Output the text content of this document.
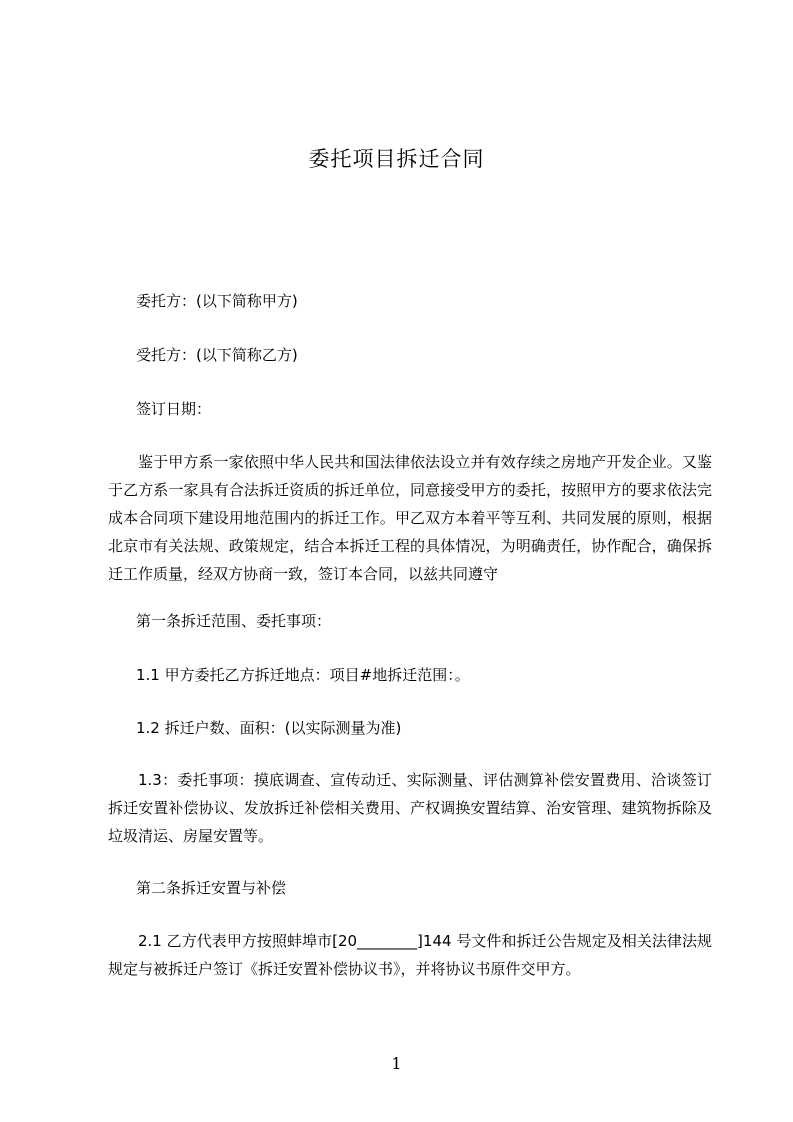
委托项目拆迁合同
委托方：(以下简称甲方)
受托方：(以下简称乙方)
签订日期：
鉴于甲方系一家依照中华人民共和国法律依法设立并有效存续之房地产开发企业。又鉴于乙方系一家具有合法拆迁资质的拆迁单位，同意接受甲方的委托，按照甲方的要求依法完成本合同项下建设用地范围内的拆迁工作。甲乙双方本着平等互利、共同发展的原则，根据北京市有关法规、政策规定，结合本拆迁工程的具体情况，为明确责任，协作配合，确保拆迁工作质量，经双方协商一致，签订本合同，以兹共同遵守
第一条拆迁范围、委托事项：
1.1 甲方委托乙方拆迁地点：项目#地拆迁范围：。
1.2 拆迁户数、面积：(以实际测量为准)
1.3：委托事项：摸底调查、宣传动迁、实际测量、评估测算补偿安置费用、洽谈签订拆迁安置补偿协议、发放拆迁补偿相关费用、产权调换安置结算、治安管理、建筑物拆除及垃圾清运、房屋安置等。
第二条拆迁安置与补偿
2.1 乙方代表甲方按照蚌埠市[20________]144 号文件和拆迁公告规定及相关法律法规规定与被拆迁户签订《拆迁安置补偿协议书》，并将协议书原件交甲方。
1
